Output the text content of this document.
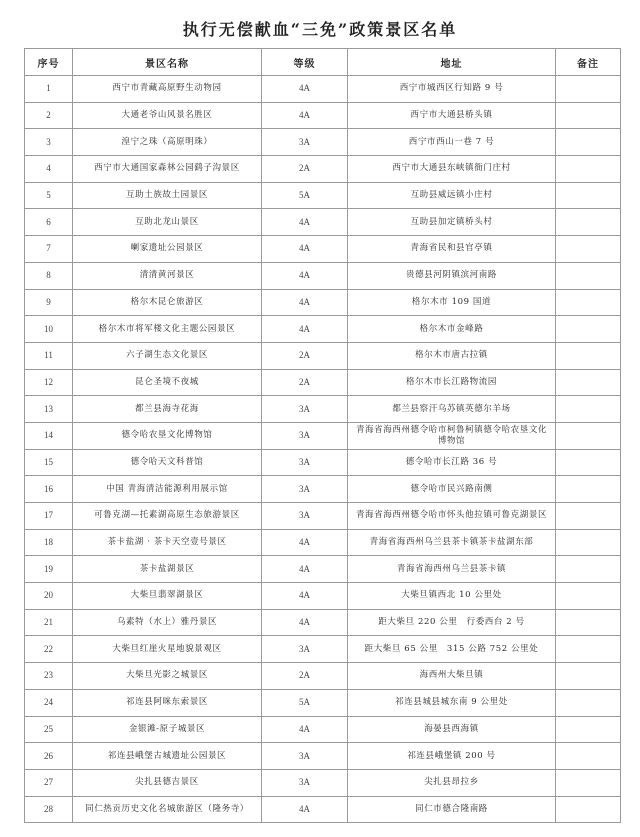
执行无偿献血“三免”政策景区名单
序号	景区名称	等级	地址	备注
1	西宁市青藏高原野生动物园	4A	西宁市城西区行知路 9 号	
2	大通老爷山风景名胜区	4A	西宁市大通县桥头镇	
3	湟宁之珠（高原明珠）	3A	西宁市西山一巷 7 号	
4	西宁市大通国家森林公园鹞子沟景区	2A	西宁市大通县东峡镇衙门庄村	
5	互助土族故土园景区	5A	互助县威远镇小庄村	
6	互助北龙山景区	4A	互助县加定镇桥头村	
7	喇家遗址公园景区	4A	青海省民和县官亭镇	
8	清清黄河景区	4A	贵德县河阴镇滨河南路	
9	格尔木昆仑旅游区	4A	格尔木市 109 国道	
10	格尔木市将军楼文化主题公园景区	4A	格尔木市金峰路	
11	六子湖生态文化景区	2A	格尔木市唐古拉镇	
12	昆仑圣境不夜城	2A	格尔木市长江路物流园	
13	都兰县海寺花海	3A	都兰县察汗乌苏镇英德尔羊场	
14	德令哈农垦文化博物馆	3A	青海省海西州德令哈市柯鲁柯镇德令哈农垦文化博物馆	
15	德令哈天文科普馆	3A	德令哈市长江路 36 号	
16	中国 青海清洁能源利用展示馆	3A	德令哈市民兴路南侧	
17	可鲁克湖—托素湖高原生态旅游景区	3A	青海省海西州德令哈市怀头他拉镇可鲁克湖景区	
18	茶卡盐湖 · 茶卡天空壹号景区	4A	青海省海西州乌兰县茶卡镇茶卡盐湖东部	
19	茶卡盐湖景区	4A	青海省海西州乌兰县茶卡镇	
20	大柴旦翡翠湖景区	4A	大柴旦镇西北 10 公里处	
21	乌素特（水上）雅丹景区	4A	距大柴旦 220 公里　行委西台 2 号	
22	大柴旦红崖火星地貌景观区	3A	距大柴旦 65 公里　315 公路 752 公里处	
23	大柴旦光影之城景区	2A	海西州大柴旦镇	
24	祁连县阿咪东索景区	5A	祁连县城县城东南 9 公里处	
25	金银滩-原子城景区	4A	海晏县西海镇	
26	祁连县峨堡古城遗址公园景区	3A	祁连县峨堡镇 200 号	
27	尖扎县德吉景区	3A	尖扎县昂拉乡	
28	同仁热贡历史文化名城旅游区（隆务寺）	4A	同仁市德合隆南路	
